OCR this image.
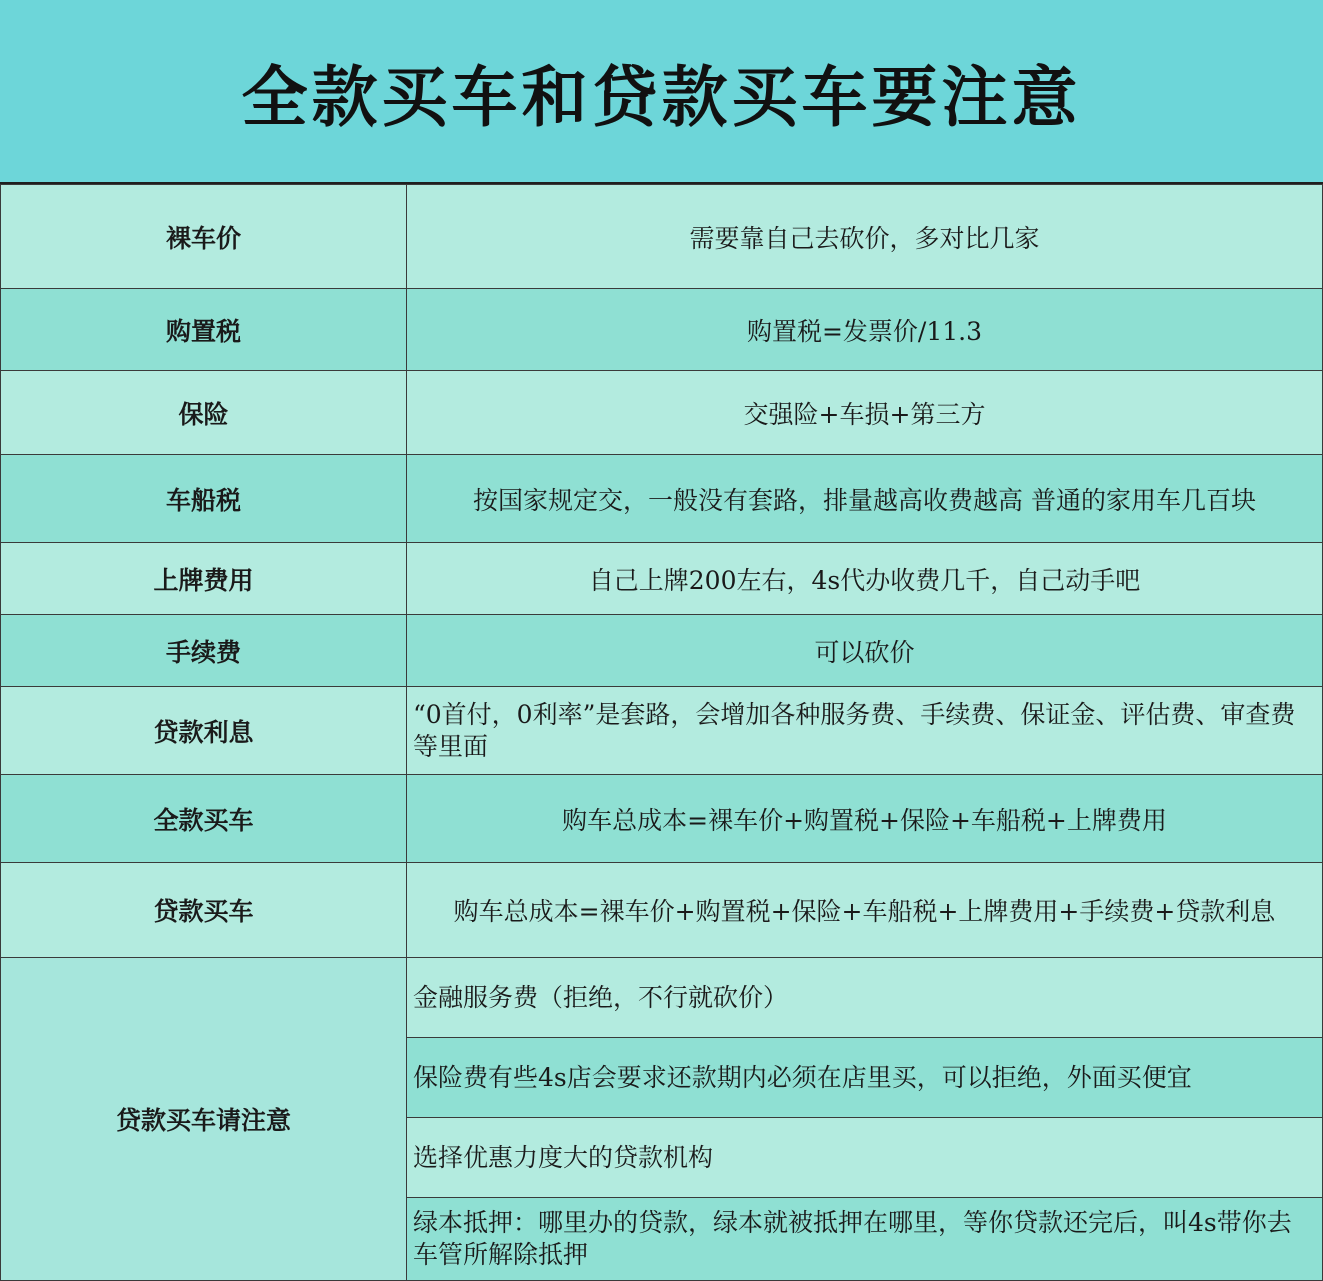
全款买车和贷款买车要注意
裸车价	需要靠自己去砍价，多对比几家
购置税	购置税=发票价/11.3
保险	交强险+车损+第三方
车船税	按国家规定交，一般没有套路，排量越高收费越高 普通的家用车几百块
上牌费用	自己上牌200左右，4s代办收费几千，自己动手吧
手续费	可以砍价
贷款利息	“0首付，0利率”是套路，会增加各种服务费、手续费、保证金、评估费、审查费等里面
全款买车	购车总成本=裸车价+购置税+保险+车船税+上牌费用
贷款买车	购车总成本=裸车价+购置税+保险+车船税+上牌费用+手续费+贷款利息
贷款买车请注意	金融服务费（拒绝，不行就砍价）
	保险费有些4s店会要求还款期内必须在店里买，可以拒绝，外面买便宜
	选择优惠力度大的贷款机构
	绿本抵押：哪里办的贷款，绿本就被抵押在哪里，等你贷款还完后，叫4s带你去车管所解除抵押
